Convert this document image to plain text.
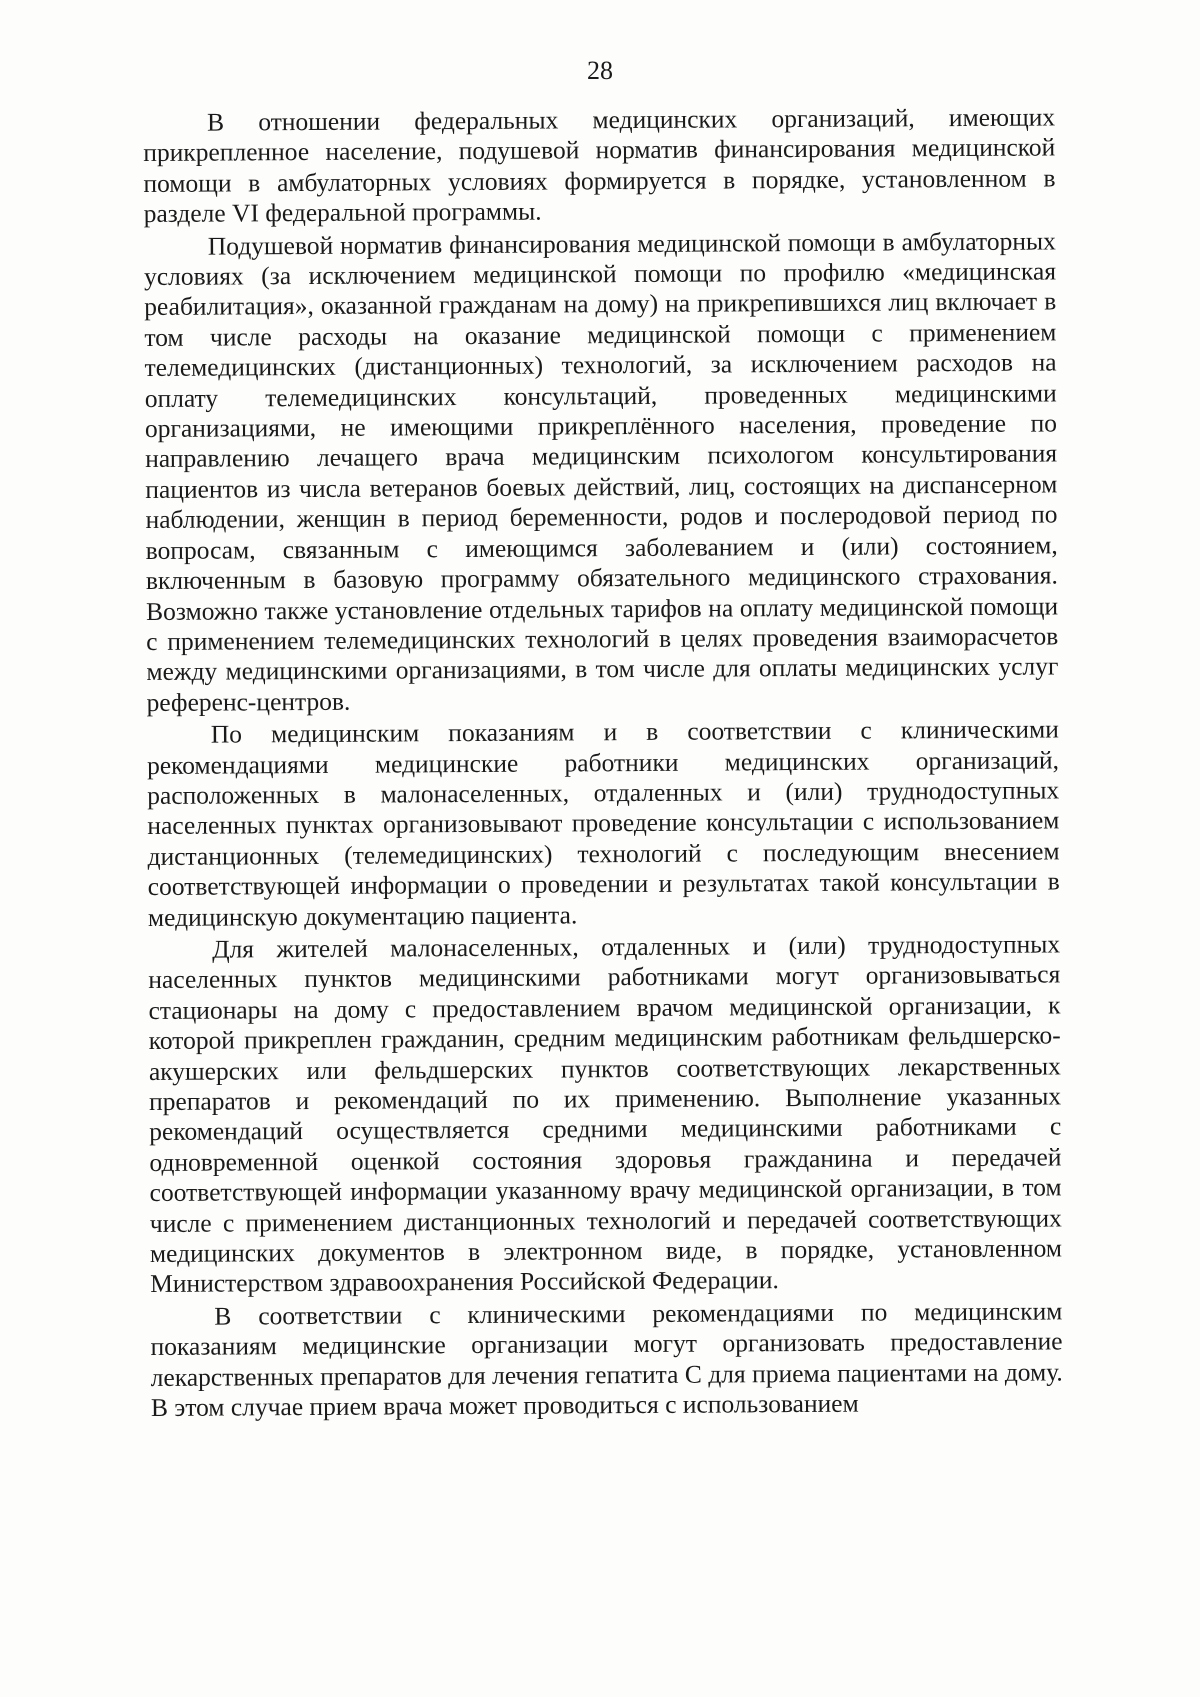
28

В отношении федеральных медицинских организаций, имеющих прикрепленное население, подушевой норматив финансирования медицинской помощи в амбулаторных условиях формируется в порядке, установленном в разделе VI федеральной программы.

Подушевой норматив финансирования медицинской помощи в амбулаторных условиях (за исключением медицинской помощи по профилю «медицинская реабилитация», оказанной гражданам на дому) на прикрепившихся лиц включает в том числе расходы на оказание медицинской помощи с применением телемедицинских (дистанционных) технологий, за исключением расходов на оплату телемедицинских консультаций, проведенных медицинскими организациями, не имеющими прикреплённого населения, проведение по направлению лечащего врача медицинским психологом консультирования пациентов из числа ветеранов боевых действий, лиц, состоящих на диспансерном наблюдении, женщин в период беременности, родов и послеродовой период по вопросам, связанным с имеющимся заболеванием и (или) состоянием, включенным в базовую программу обязательного медицинского страхования. Возможно также установление отдельных тарифов на оплату медицинской помощи с применением телемедицинских технологий в целях проведения взаиморасчетов между медицинскими организациями, в том числе для оплаты медицинских услуг референс-центров.

По медицинским показаниям и в соответствии с клиническими рекомендациями медицинские работники медицинских организаций, расположенных в малонаселенных, отдаленных и (или) труднодоступных населенных пунктах организовывают проведение консультации с использованием дистанционных (телемедицинских) технологий с последующим внесением соответствующей информации о проведении и результатах такой консультации в медицинскую документацию пациента.

Для жителей малонаселенных, отдаленных и (или) труднодоступных населенных пунктов медицинскими работниками могут организовываться стационары на дому с предоставлением врачом медицинской организации, к которой прикреплен гражданин, средним медицинским работникам фельдшерско-акушерских или фельдшерских пунктов соответствующих лекарственных препаратов и рекомендаций по их применению. Выполнение указанных рекомендаций осуществляется средними медицинскими работниками с одновременной оценкой состояния здоровья гражданина и передачей соответствующей информации указанному врачу медицинской организации, в том числе с применением дистанционных технологий и передачей соответствующих медицинских документов в электронном виде, в порядке, установленном Министерством здравоохранения Российской Федерации.

В соответствии с клиническими рекомендациями по медицинским показаниям медицинские организации могут организовать предоставление лекарственных препаратов для лечения гепатита С для приема пациентами на дому. В этом случае прием врача может проводиться с использованием
